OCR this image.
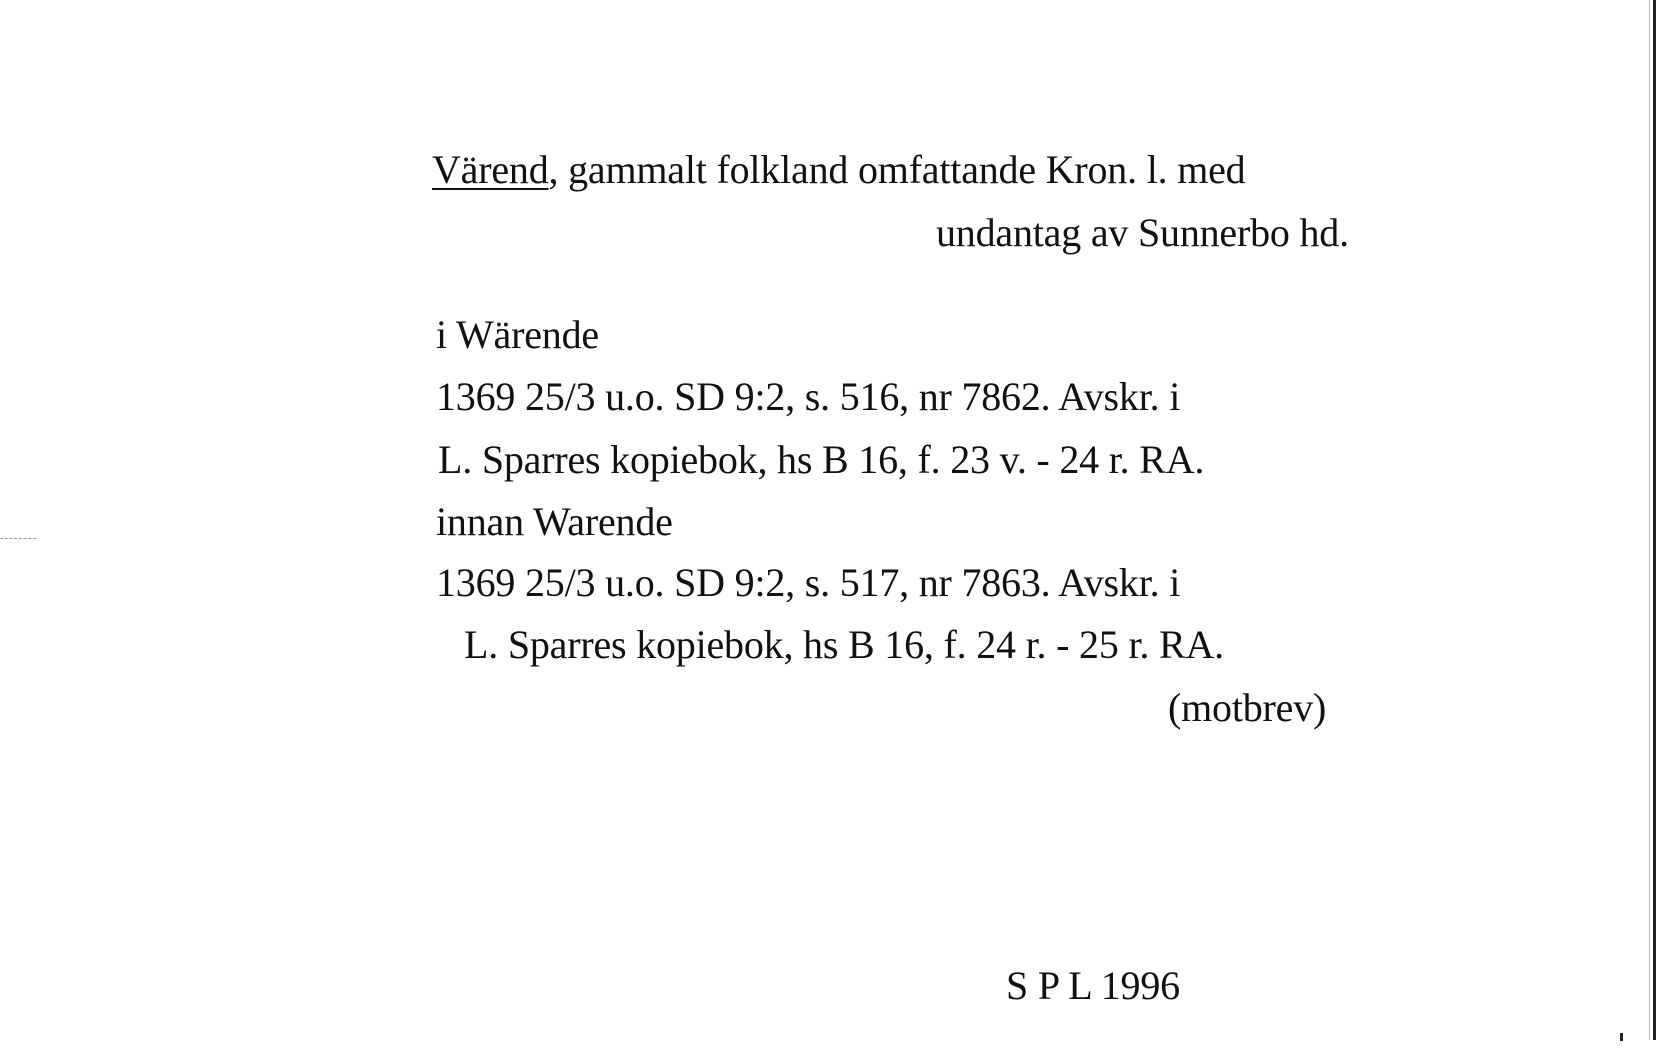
Värend, gammalt folkland omfattande Kron. l. med
undantag av Sunnerbo hd.
i Wärende
1369 25/3 u.o. SD 9:2, s. 516, nr 7862. Avskr. i
L. Sparres kopiebok, hs B 16, f. 23 v. - 24 r. RA.
innan Warende
1369 25/3 u.o. SD 9:2, s. 517, nr 7863. Avskr. i
L. Sparres kopiebok, hs B 16, f. 24 r. - 25 r. RA.
(motbrev)
S P L 1996
